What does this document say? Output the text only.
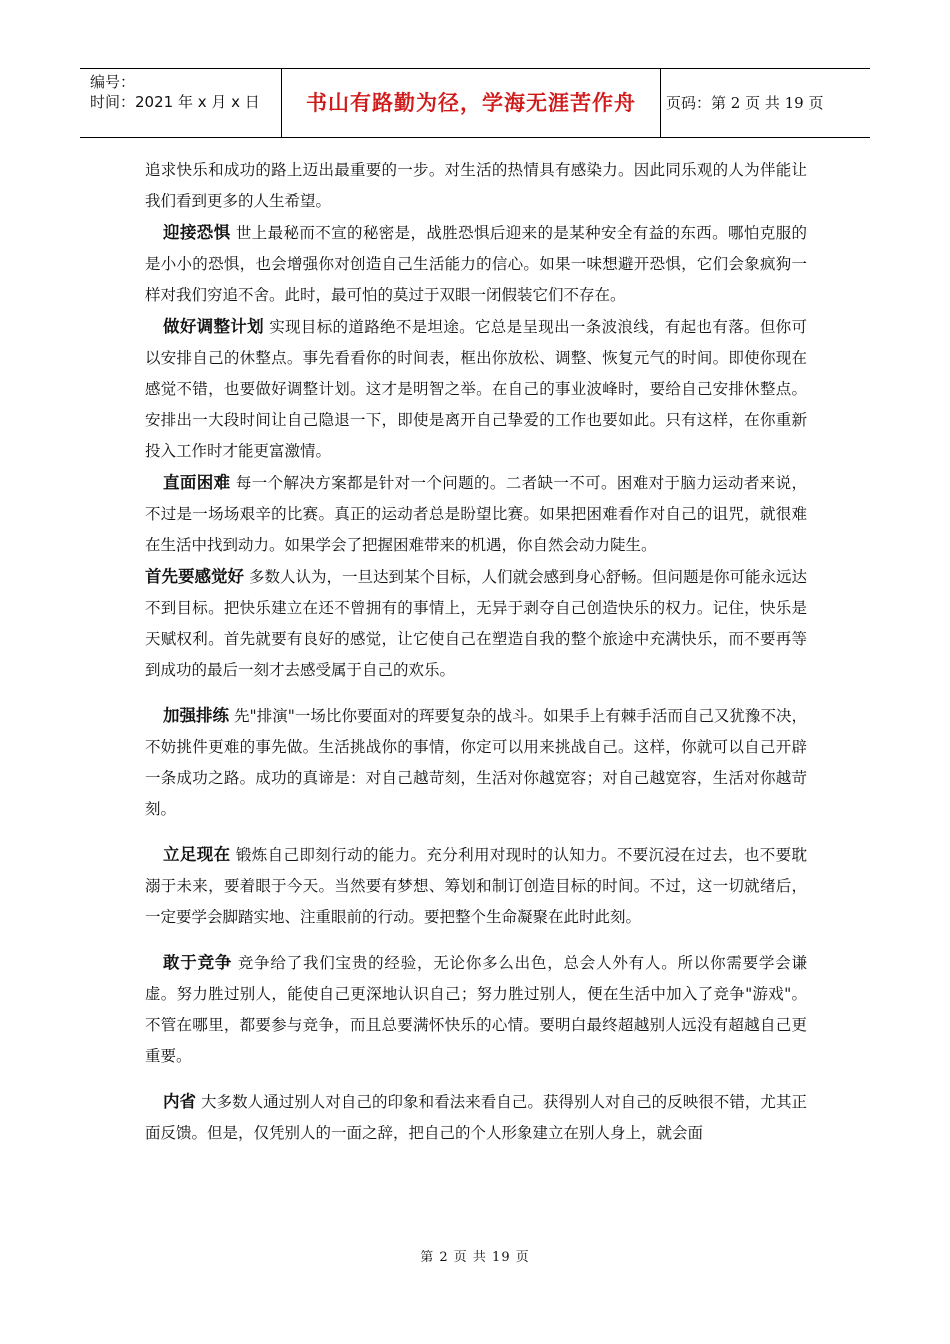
编号：
时间：2021 年 x 月 x 日	书山有路勤为径，学海无涯苦作舟	页码：第 2 页 共 19 页

追求快乐和成功的路上迈出最重要的一步。对生活的热情具有感染力。因此同乐观的人为伴能让我们看到更多的人生希望。

迎接恐惧 世上最秘而不宣的秘密是，战胜恐惧后迎来的是某种安全有益的东西。哪怕克服的是小小的恐惧，也会增强你对创造自己生活能力的信心。如果一味想避开恐惧，它们会象疯狗一样对我们穷追不舍。此时，最可怕的莫过于双眼一闭假装它们不存在。

做好调整计划 实现目标的道路绝不是坦途。它总是呈现出一条波浪线，有起也有落。但你可以安排自己的休整点。事先看看你的时间表，框出你放松、调整、恢复元气的时间。即使你现在感觉不错，也要做好调整计划。这才是明智之举。在自己的事业波峰时，要给自己安排休整点。安排出一大段时间让自己隐退一下，即使是离开自己挚爱的工作也要如此。只有这样，在你重新投入工作时才能更富激情。

直面困难 每一个解决方案都是针对一个问题的。二者缺一不可。困难对于脑力运动者来说，不过是一场场艰辛的比赛。真正的运动者总是盼望比赛。如果把困难看作对自己的诅咒，就很难在生活中找到动力。如果学会了把握困难带来的机遇，你自然会动力陡生。

首先要感觉好 多数人认为，一旦达到某个目标，人们就会感到身心舒畅。但问题是你可能永远达不到目标。把快乐建立在还不曾拥有的事情上，无异于剥夺自己创造快乐的权力。记住，快乐是天赋权利。首先就要有良好的感觉，让它使自己在塑造自我的整个旅途中充满快乐，而不要再等到成功的最后一刻才去感受属于自己的欢乐。

加强排练 先"排演"一场比你要面对的珲要复杂的战斗。如果手上有棘手活而自己又犹豫不决，不妨挑件更难的事先做。生活挑战你的事情，你定可以用来挑战自己。这样，你就可以自己开辟一条成功之路。成功的真谛是：对自己越苛刻，生活对你越宽容；对自己越宽容，生活对你越苛刻。

立足现在 锻炼自己即刻行动的能力。充分利用对现时的认知力。不要沉浸在过去，也不要耽溺于未来，要着眼于今天。当然要有梦想、筹划和制订创造目标的时间。不过，这一切就绪后，一定要学会脚踏实地、注重眼前的行动。要把整个生命凝聚在此时此刻。

敢于竞争 竞争给了我们宝贵的经验，无论你多么出色，总会人外有人。所以你需要学会谦虚。努力胜过别人，能使自己更深地认识自己；努力胜过别人，便在生活中加入了竞争"游戏"。不管在哪里，都要参与竞争，而且总要满怀快乐的心情。要明白最终超越别人远没有超越自己更重要。

内省 大多数人通过别人对自己的印象和看法来看自己。获得别人对自己的反映很不错，尤其正面反馈。但是，仅凭别人的一面之辞，把自己的个人形象建立在别人身上，就会面

第 2 页 共 19 页
